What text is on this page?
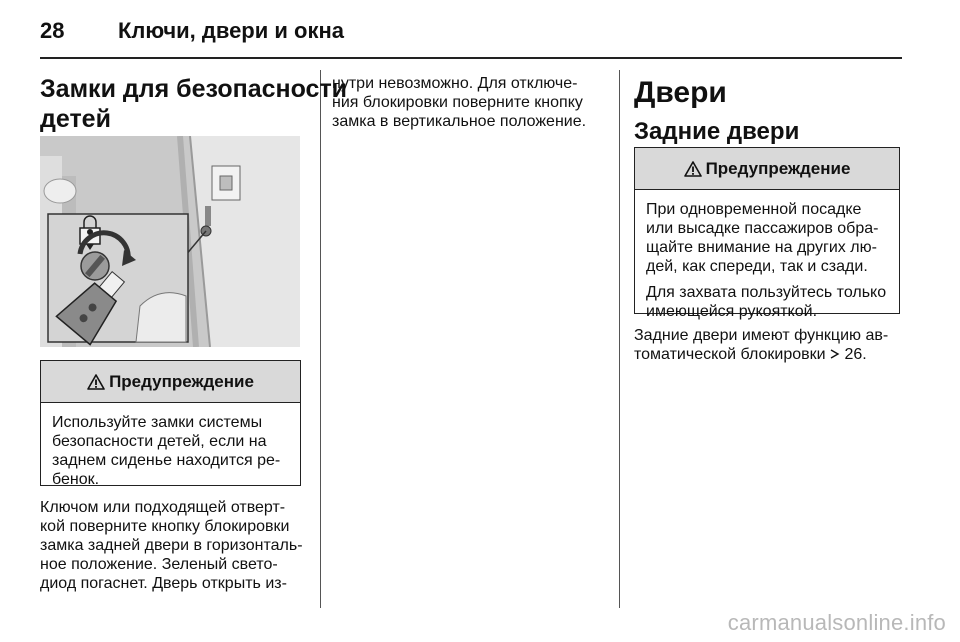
28 Ключи, двери и окна
Замки для безопасности
детей
Предупреждение

Используйте замки системы
безопасности детей, если на
заднем сиденье находится ре-
бенок.

Ключом или подходящей отверт-
кой поверните кнопку блокировки
замка задней двери в горизонталь-
ное положение. Зеленый свето-
диод погаснет. Дверь открыть из-
нутри невозможно. Для отключе-
ния блокировки поверните кнопку
замка в вертикальное положение.
Двери
Задние двери
Предупреждение

При одновременной посадке
или высадке пассажиров обра-
щайте внимание на других лю-
дей, как спереди, так и сзади.

Для захвата пользуйтесь только
имеющейся рукояткой.

Задние двери имеют функцию ав-
томатической блокировки  26.
carmanualsonline.info
